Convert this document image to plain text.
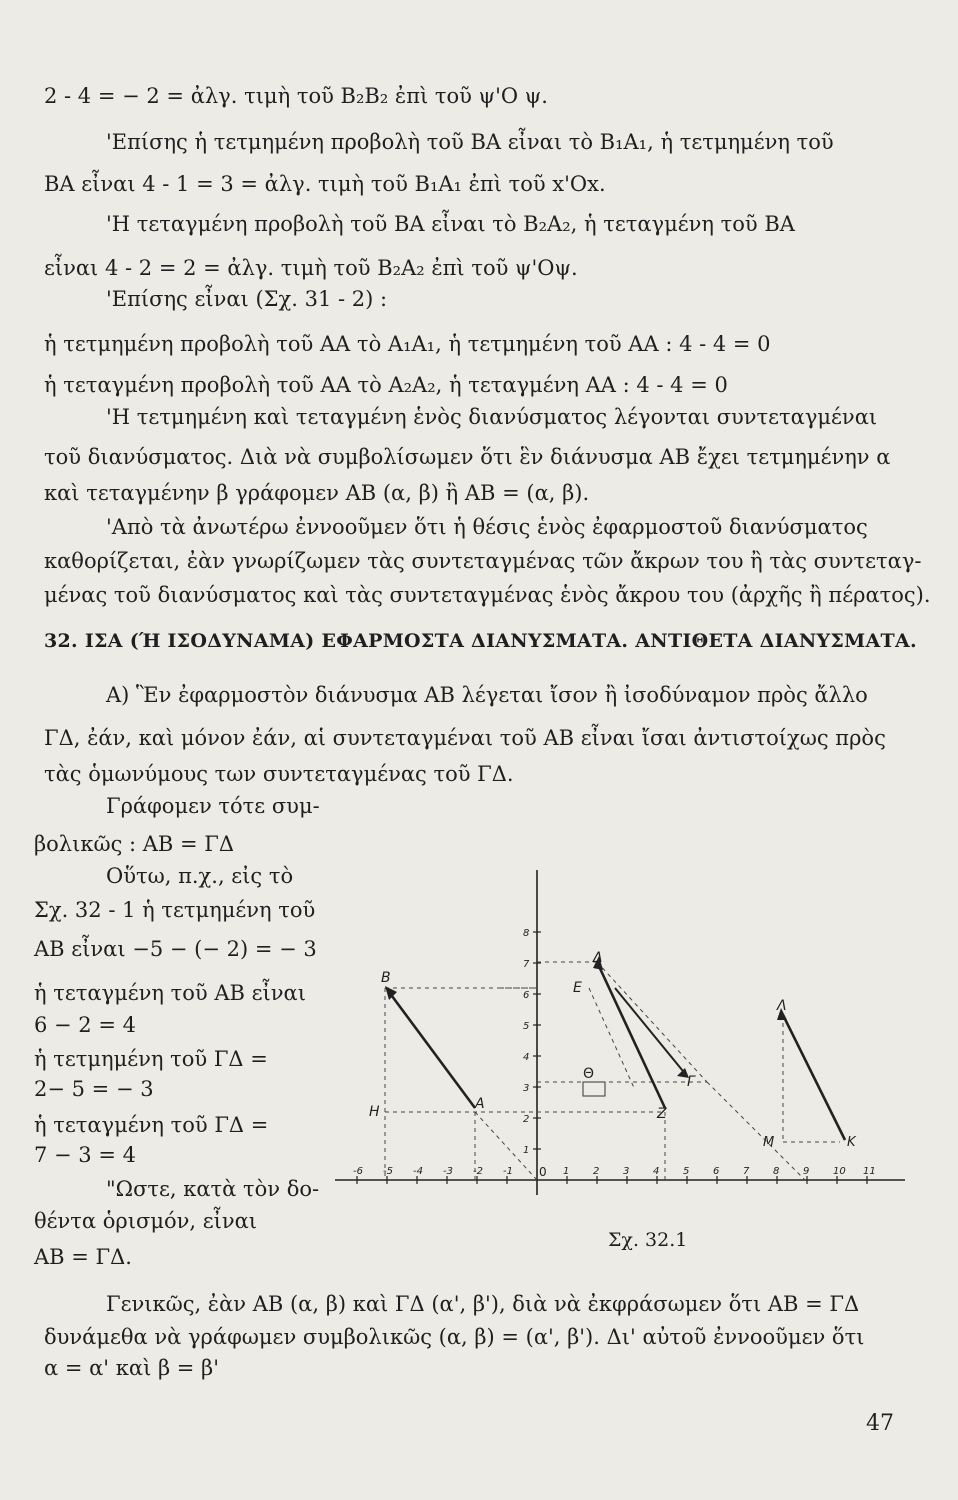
2 - 4 = − 2 = ἀλγ. τιμὴ τοῦ B₂B₂ ἐπὶ τοῦ ψ'Ο ψ.
'Επίσης ἡ τετμημένη προβολὴ τοῦ BA εἶναι τὸ B₁A₁, ἡ τετμημένη τοῦ
BA εἶναι 4 - 1 = 3 = ἀλγ. τιμὴ τοῦ B₁A₁ ἐπὶ τοῦ x'Ox.
'Η τεταγμένη προβολὴ τοῦ BA εἶναι τὸ B₂A₂, ἡ τεταγμένη τοῦ BA
εἶναι 4 - 2 = 2 = ἀλγ. τιμὴ τοῦ B₂A₂ ἐπὶ τοῦ ψ'Οψ.
'Επίσης εἶναι (Σχ. 31 - 2) :
ἡ τετμημένη προβολὴ τοῦ AA τὸ A₁A₁, ἡ τετμημένη τοῦ AA : 4 - 4 = 0
ἡ τεταγμένη προβολὴ τοῦ AA τὸ A₂A₂, ἡ τεταγμένη AA : 4 - 4 = 0
'Η τετμημένη καὶ τεταγμένη ἑνὸς διανύσματος λέγονται συντεταγμέναι
τοῦ διανύσματος. Διὰ νὰ συμβολίσωμεν ὅτι ἓν διάνυσμα AB ἔχει τετμημένην α
καὶ τεταγμένην β γράφομεν AB (α, β) ἢ AB = (α, β).
'Απὸ τὰ ἀνωτέρω ἐννοοῦμεν ὅτι ἡ θέσις ἑνὸς ἐφαρμοστοῦ διανύσματος
καθορίζεται, ἐὰν γνωρίζωμεν τὰς συντεταγμένας τῶν ἄκρων του ἢ τὰς συντεταγ-
μένας τοῦ διανύσματος καὶ τὰς συντεταγμένας ἑνὸς ἄκρου του (ἀρχῆς ἢ πέρατος).
32. ΙΣΑ (Ή ΙΣΟΔΥΝΑΜΑ) ΕΦΑΡΜΟΣΤΑ ΔΙΑΝΥΣΜΑΤΑ. ΑΝΤΙΘΕΤΑ ΔΙΑΝΥΣΜΑΤΑ.
A) Ἓν ἐφαρμοστὸν διάνυσμα AB λέγεται ἴσον ἢ ἰσοδύναμον πρὸς ἄλλο
ΓΔ, ἐάν, καὶ μόνον ἐάν, αἱ συντεταγμέναι τοῦ AB εἶναι ἴσαι ἀντιστοίχως πρὸς
τὰς ὁμωνύμους των συντεταγμένας τοῦ ΓΔ.
Γράφομεν τότε συμ-
βολικῶς : AB = ΓΔ
Οὕτω, π.χ., εἰς τὸ
Σχ. 32 - 1 ἡ τετμημένη τοῦ
AB εἶναι −5 − (− 2) = − 3
ἡ τεταγμένη τοῦ AB εἶναι
6 − 2 = 4
ἡ τετμημένη τοῦ ΓΔ =
2− 5 = − 3
ἡ τεταγμένη τοῦ ΓΔ =
7 − 3 = 4
"Ωστε, κατὰ τὸν δο-
θέντα ὁρισμόν, εἶναι
AB = ΓΔ.
Γενικῶς, ἐὰν AB (α, β) καὶ ΓΔ (α', β'), διὰ νὰ ἐκφράσωμεν ὅτι AB = ΓΔ
δυνάμεθα νὰ γράφωμεν συμβολικῶς (α, β) = (α', β'). Δι' αὐτοῦ ἐννοοῦμεν ὅτι
α = α' καὶ β = β'
-6 -5 -4 -3 -2 -1	1 2 3 4 5 6 7 8 9 10 11
1
2
3
4
5
6
7
8
B
A
H
E
Z
Γ
Δ
Λ
M	K
Θ
0
Σχ. 32.1
47
